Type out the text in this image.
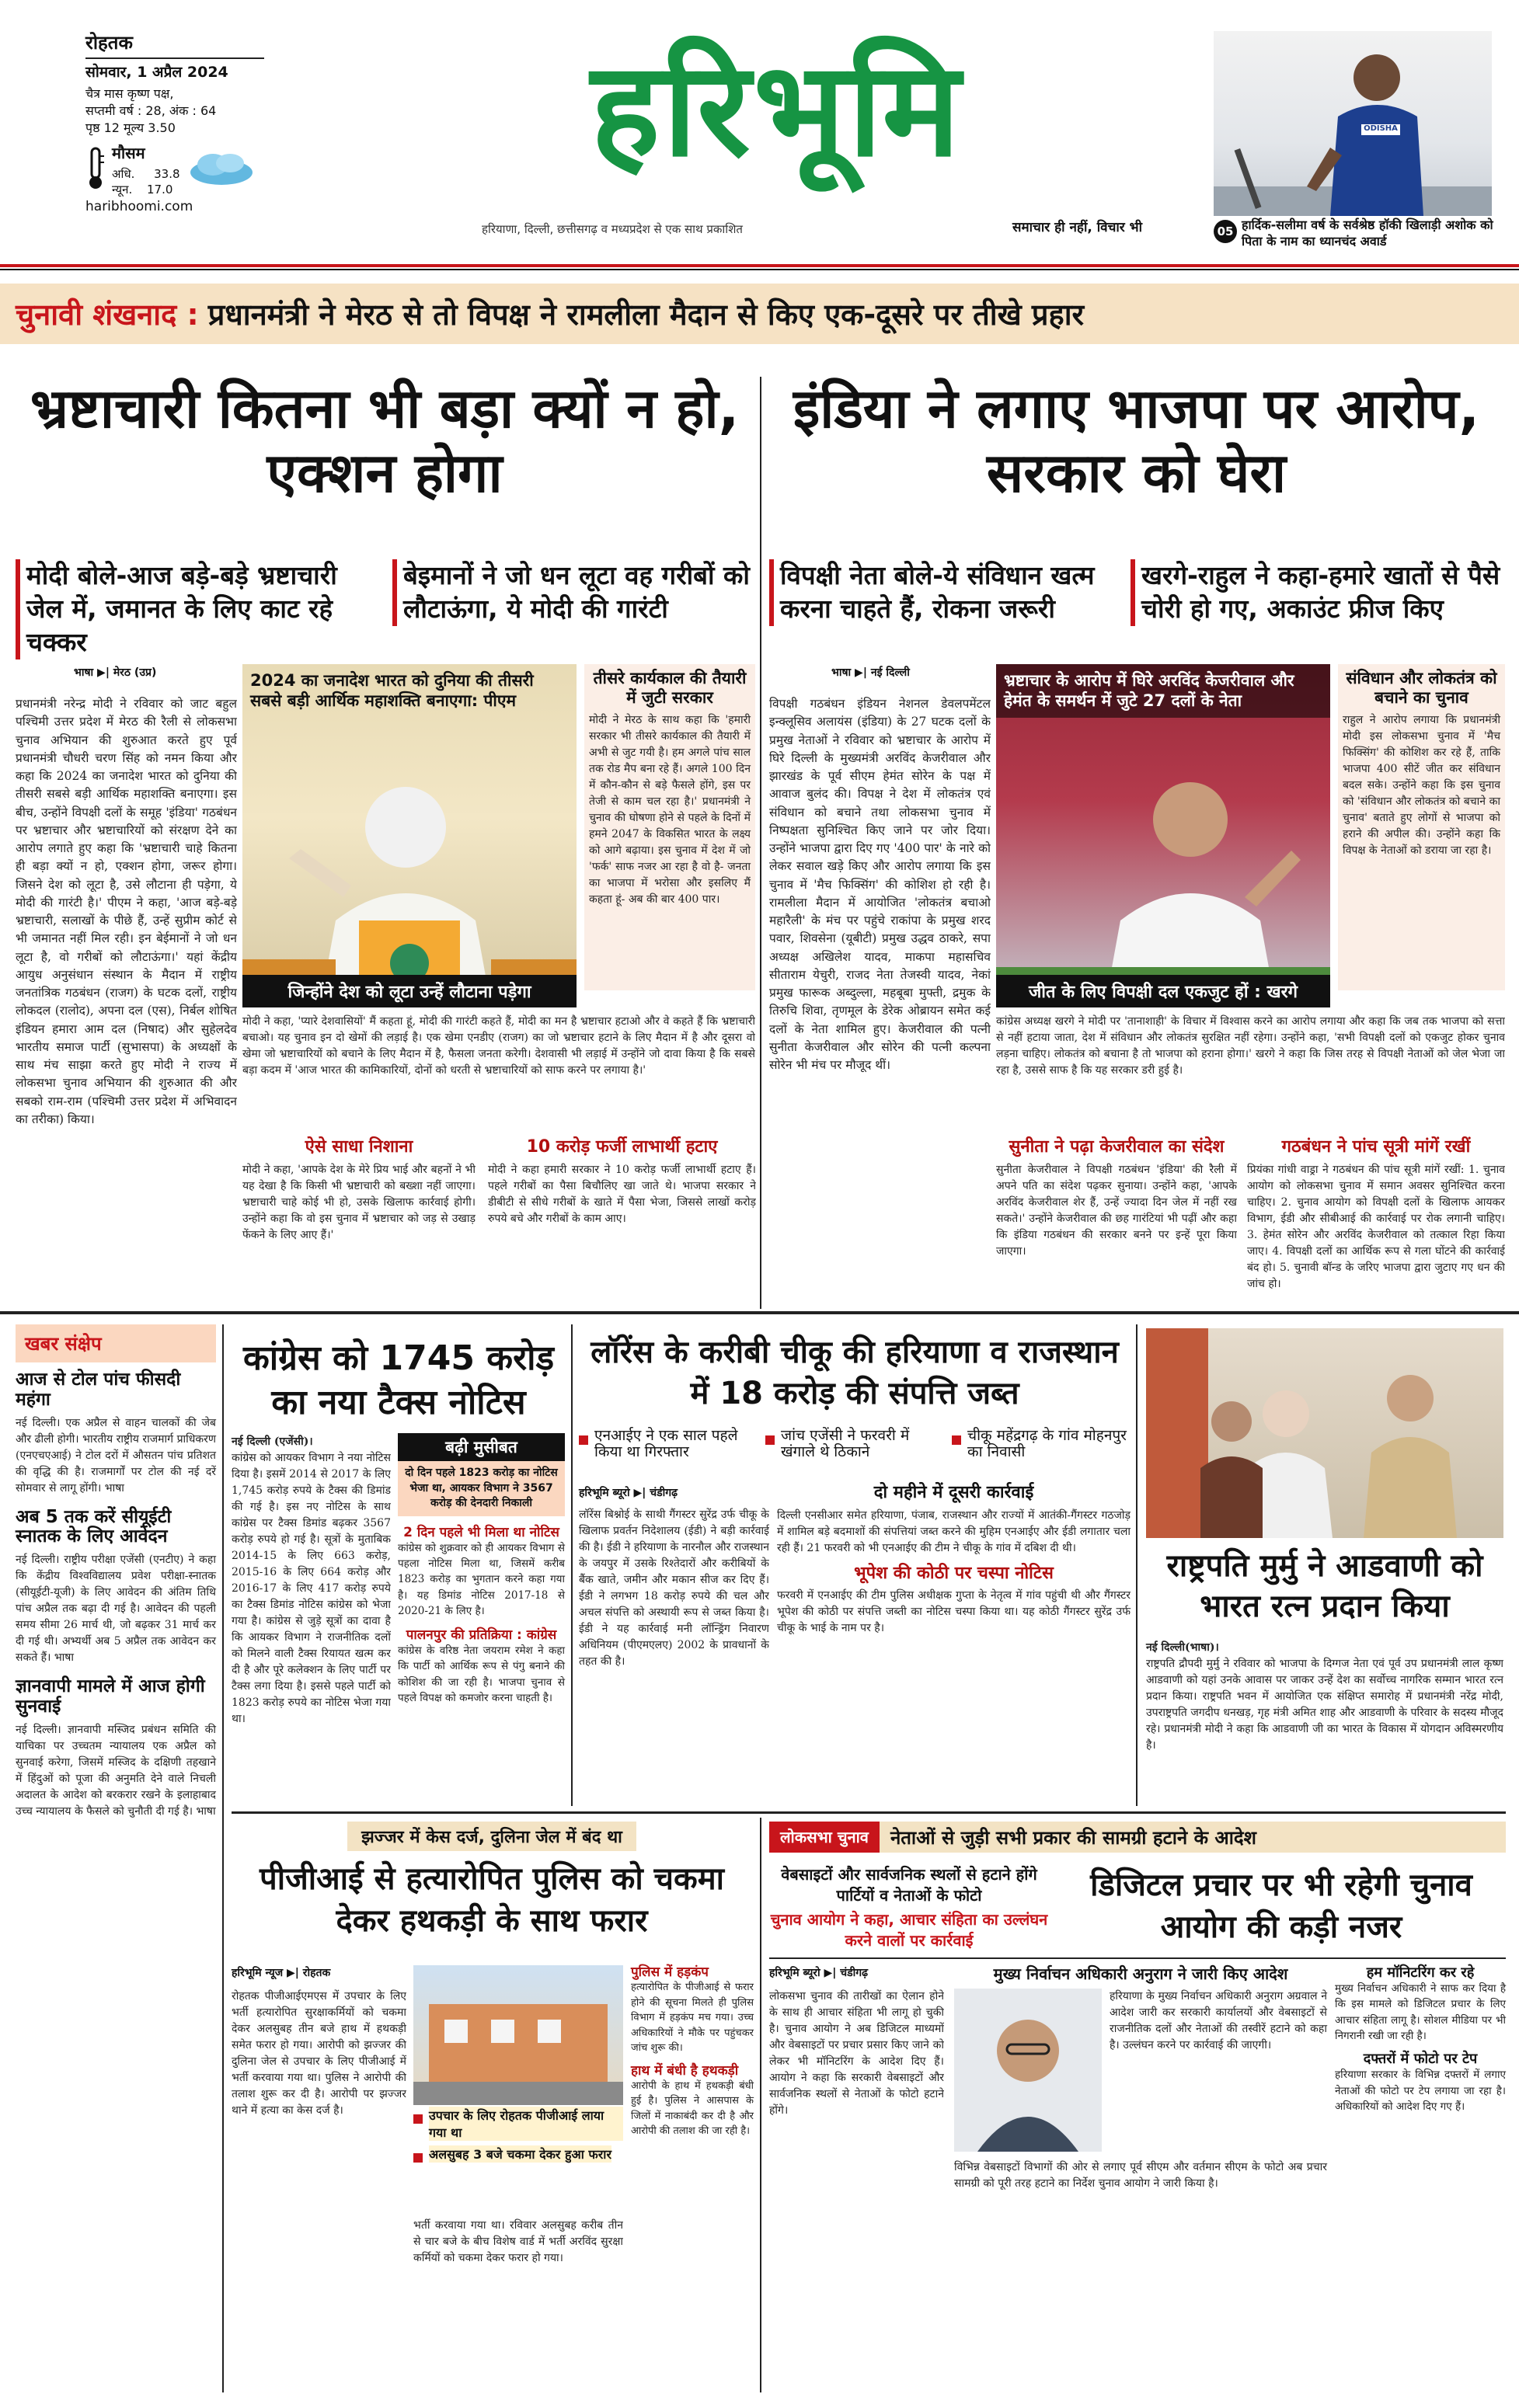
रोहतक
सोमवार, 1 अप्रैल 2024
चैत्र मास कृष्ण पक्ष,
सप्तमी वर्ष : 28, अंक : 64
पृष्ठ 12 मूल्य 3.50
मौसम
अधि. 33.8
न्यून. 17.0
haribhoomi.com
हरिभूमि
हरियाणा, दिल्ली, छत्तीसगढ़ व मध्यप्रदेश से एक साथ प्रकाशित	समाचार ही नहीं, विचार भी
ODISHA
05 हार्दिक-सलीमा वर्ष के सर्वश्रेष्ठ हॉकी खिलाड़ी अशोक को पिता के नाम का ध्यानचंद अवार्ड
चुनावी शंखनाद : प्रधानमंत्री ने मेरठ से तो विपक्ष ने रामलीला मैदान से किए एक-दूसरे पर तीखे प्रहार
भ्रष्टाचारी कितना भी बड़ा क्यों न हो, एक्शन होगा
मोदी बोले-आज बड़े-बड़े भ्रष्टाचारी जेल में, जमानत के लिए काट रहे चक्कर
बेइमानों ने जो धन लूटा वह गरीबों को लौटाऊंगा, ये मोदी की गारंटी
भाषा ▶| मेरठ (उप्र)
प्रधानमंत्री नरेन्द्र मोदी ने रविवार को जाट बहुल पश्चिमी उत्तर प्रदेश में मेरठ की रैली से लोकसभा चुनाव अभियान की शुरुआत करते हुए पूर्व प्रधानमंत्री चौधरी चरण सिंह को नमन किया और कहा कि 2024 का जनादेश भारत को दुनिया की तीसरी सबसे बड़ी आर्थिक महाशक्ति बनाएगा। इस बीच, उन्होंने विपक्षी दलों के समूह 'इंडिया' गठबंधन पर भ्रष्टाचार और भ्रष्टाचारियों को संरक्षण देने का आरोप लगाते हुए कहा कि 'भ्रष्टाचारी चाहे कितना ही बड़ा क्यों न हो, एक्शन होगा, जरूर होगा। जिसने देश को लूटा है, उसे लौटाना ही पड़ेगा, ये मोदी की गारंटी है।' पीएम ने कहा, 'आज बड़े-बड़े भ्रष्टाचारी, सलाखों के पीछे हैं, उन्हें सुप्रीम कोर्ट से भी जमानत नहीं मिल रही। इन बेईमानों ने जो धन लूटा है, वो गरीबों को लौटाऊंगा।' यहां केंद्रीय आयुध अनुसंधान संस्थान के मैदान में राष्ट्रीय जनतांत्रिक गठबंधन (राजग) के घटक दलों, राष्ट्रीय लोकदल (रालोद), अपना दल (एस), निर्बल शोषित इंडियन हमारा आम दल (निषाद) और सुहेलदेव भारतीय समाज पार्टी (सुभासपा) के अध्यक्षों के साथ मंच साझा करते हुए मोदी ने राज्य में लोकसभा चुनाव अभियान की शुरुआत की और सबको राम-राम (पश्चिमी उत्तर प्रदेश में अभिवादन का तरीका) किया।
2024 का जनादेश भारत को दुनिया की तीसरी सबसे बड़ी आर्थिक महाशक्ति बनाएगा: पीएम
जिन्होंने देश को लूटा उन्हें लौटाना पड़ेगा
तीसरे कार्यकाल की तैयारी में जुटी सरकार
मोदी ने मेरठ के साथ कहा कि 'हमारी सरकार भी तीसरे कार्यकाल की तैयारी में अभी से जुट गयी है। हम अगले पांच साल तक रोड मैप बना रहे हैं। अगले 100 दिन में कौन-कौन से बड़े फैसले होंगे, इस पर तेजी से काम चल रहा है।' प्रधानमंत्री ने चुनाव की घोषणा होने से पहले के दिनों में हमने 2047 के विकसित भारत के लक्ष्य को आगे बढ़ाया। इस चुनाव में देश में जो 'फर्क' साफ नजर आ रहा है वो है- जनता का भाजपा में भरोसा और इसलिए मैं कहता हूं- अब की बार 400 पार।
मोदी ने कहा, 'प्यारे देशवासियों' मैं कहता हूं, मोदी की गारंटी कहते हैं, मोदी का मन है भ्रष्टाचार हटाओ और वे कहते हैं कि भ्रष्टाचारी बचाओ। यह चुनाव इन दो खेमों की लड़ाई है। एक खेमा एनडीए (राजग) का जो भ्रष्टाचार हटाने के लिए मैदान में है और दूसरा वो खेमा जो भ्रष्टाचारियों को बचाने के लिए मैदान में है, फैसला जनता करेगी। देशवासी भी लड़ाई में उन्होंने जो दावा किया है कि सबसे बड़ा कदम में 'आज भारत की कामिकारियों, दोनों को धरती से भ्रष्टाचारियों को साफ करने पर लगाया है।'
ऐसे साधा निशाना
मोदी ने कहा, 'आपके देश के मेरे प्रिय भाई और बहनों ने भी यह देखा है कि किसी भी भ्रष्टाचारी को बख्शा नहीं जाएगा। भ्रष्टाचारी चाहे कोई भी हो, उसके खिलाफ कार्रवाई होगी। उन्होंने कहा कि वो इस चुनाव में भ्रष्टाचार को जड़ से उखाड़ फेंकने के लिए आए हैं।'
10 करोड़ फर्जी लाभार्थी हटाए
मोदी ने कहा हमारी सरकार ने 10 करोड़ फर्जी लाभार्थी हटाए हैं। पहले गरीबों का पैसा बिचौलिए खा जाते थे। भाजपा सरकार ने डीबीटी से सीधे गरीबों के खाते में पैसा भेजा, जिससे लाखों करोड़ रुपये बचे और गरीबों के काम आए।
इंडिया ने लगाए भाजपा पर आरोप, सरकार को घेरा
विपक्षी नेता बोले-ये संविधान खत्म करना चाहते हैं, रोकना जरूरी
खरगे-राहुल ने कहा-हमारे खातों से पैसे चोरी हो गए, अकाउंट फ्रीज किए
भाषा ▶| नई दिल्ली
विपक्षी गठबंधन इंडियन नेशनल डेवलपमेंटल इन्क्लूसिव अलायंस (इंडिया) के 27 घटक दलों के प्रमुख नेताओं ने रविवार को भ्रष्टाचार के आरोप में घिरे दिल्ली के मुख्यमंत्री अरविंद केजरीवाल और झारखंड के पूर्व सीएम हेमंत सोरेन के पक्ष में आवाज बुलंद की। विपक्ष ने देश में लोकतंत्र एवं संविधान को बचाने तथा लोकसभा चुनाव में निष्पक्षता सुनिश्चित किए जाने पर जोर दिया। उन्होंने भाजपा द्वारा दिए गए '400 पार' के नारे को लेकर सवाल खड़े किए और आरोप लगाया कि इस चुनाव में 'मैच फिक्सिंग' की कोशिश हो रही है। रामलीला मैदान में आयोजित 'लोकतंत्र बचाओ महारैली' के मंच पर पहुंचे राकांपा के प्रमुख शरद पवार, शिवसेना (यूबीटी) प्रमुख उद्धव ठाकरे, सपा अध्यक्ष अखिलेश यादव, माकपा महासचिव सीताराम येचुरी, राजद नेता तेजस्वी यादव, नेकां प्रमुख फारूक अब्दुल्ला, महबूबा मुफ्ती, द्रमुक के तिरुचि शिवा, तृणमूल के डेरेक ओब्रायन समेत कई दलों के नेता शामिल हुए। केजरीवाल की पत्नी सुनीता केजरीवाल और सोरेन की पत्नी कल्पना सोरेन भी मंच पर मौजूद थीं।
भ्रष्टाचार के आरोप में घिरे अरविंद केजरीवाल और हेमंत के समर्थन में जुटे 27 दलों के नेता
जीत के लिए विपक्षी दल एकजुट हों : खरगे
संविधान और लोकतंत्र को बचाने का चुनाव
राहुल ने आरोप लगाया कि प्रधानमंत्री मोदी इस लोकसभा चुनाव में 'मैच फिक्सिंग' की कोशिश कर रहे हैं, ताकि भाजपा 400 सीटें जीत कर संविधान बदल सके। उन्होंने कहा कि इस चुनाव को 'संविधान और लोकतंत्र को बचाने का चुनाव' बताते हुए लोगों से भाजपा को हराने की अपील की। उन्होंने कहा कि विपक्ष के नेताओं को डराया जा रहा है।
कांग्रेस अध्यक्ष खरगे ने मोदी पर 'तानाशाही' के विचार में विश्वास करने का आरोप लगाया और कहा कि जब तक भाजपा को सत्ता से नहीं हटाया जाता, देश में संविधान और लोकतंत्र सुरक्षित नहीं रहेगा। उन्होंने कहा, 'सभी विपक्षी दलों को एकजुट होकर चुनाव लड़ना चाहिए। लोकतंत्र को बचाना है तो भाजपा को हराना होगा।' खरगे ने कहा कि जिस तरह से विपक्षी नेताओं को जेल भेजा जा रहा है, उससे साफ है कि यह सरकार डरी हुई है।
सुनीता ने पढ़ा केजरीवाल का संदेश
सुनीता केजरीवाल ने विपक्षी गठबंधन 'इंडिया' की रैली में अपने पति का संदेश पढ़कर सुनाया। उन्होंने कहा, 'आपके अरविंद केजरीवाल शेर हैं, उन्हें ज्यादा दिन जेल में नहीं रख सकते।' उन्होंने केजरीवाल की छह गारंटियां भी पढ़ीं और कहा कि इंडिया गठबंधन की सरकार बनने पर इन्हें पूरा किया जाएगा।
गठबंधन ने पांच सूत्री मांगें रखीं
प्रियंका गांधी वाड्रा ने गठबंधन की पांच सूत्री मांगें रखीं: 1. चुनाव आयोग को लोकसभा चुनाव में समान अवसर सुनिश्चित करना चाहिए। 2. चुनाव आयोग को विपक्षी दलों के खिलाफ आयकर विभाग, ईडी और सीबीआई की कार्रवाई पर रोक लगानी चाहिए। 3. हेमंत सोरेन और अरविंद केजरीवाल को तत्काल रिहा किया जाए। 4. विपक्षी दलों का आर्थिक रूप से गला घोंटने की कार्रवाई बंद हो। 5. चुनावी बॉन्ड के जरिए भाजपा द्वारा जुटाए गए धन की जांच हो।
खबर संक्षेप
आज से टोल पांच फीसदी महंगा
नई दिल्ली। एक अप्रैल से वाहन चालकों की जेब और ढीली होगी। भारतीय राष्ट्रीय राजमार्ग प्राधिकरण (एनएचएआई) ने टोल दरों में औसतन पांच प्रतिशत की वृद्धि की है। राजमार्गों पर टोल की नई दरें सोमवार से लागू होंगी। भाषा
अब 5 तक करें सीयूईटी स्नातक के लिए आवेदन
नई दिल्ली। राष्ट्रीय परीक्षा एजेंसी (एनटीए) ने कहा कि केंद्रीय विश्वविद्यालय प्रवेश परीक्षा-स्नातक (सीयूईटी-यूजी) के लिए आवेदन की अंतिम तिथि पांच अप्रैल तक बढ़ा दी गई है। आवेदन की पहली समय सीमा 26 मार्च थी, जो बढ़कर 31 मार्च कर दी गई थी। अभ्यर्थी अब 5 अप्रैल तक आवेदन कर सकते हैं। भाषा
ज्ञानवापी मामले में आज होगी सुनवाई
नई दिल्ली। ज्ञानवापी मस्जिद प्रबंधन समिति की याचिका पर उच्चतम न्यायालय एक अप्रैल को सुनवाई करेगा, जिसमें मस्जिद के दक्षिणी तहखाने में हिंदुओं को पूजा की अनुमति देने वाले निचली अदालत के आदेश को बरकरार रखने के इलाहाबाद उच्च न्यायालय के फैसले को चुनौती दी गई है। भाषा
कांग्रेस को 1745 करोड़ का नया टैक्स नोटिस
नई दिल्ली (एजेंसी)।
कांग्रेस को आयकर विभाग ने नया नोटिस दिया है। इसमें 2014 से 2017 के लिए 1,745 करोड़ रुपये के टैक्स की डिमांड की गई है। इस नए नोटिस के साथ कांग्रेस पर टैक्स डिमांड बढ़कर 3567 करोड़ रुपये हो गई है। सूत्रों के मुताबिक 2014-15 के लिए 663 करोड़, 2015-16 के लिए 664 करोड़ और 2016-17 के लिए 417 करोड़ रुपये का टैक्स डिमांड नोटिस कांग्रेस को भेजा गया है। कांग्रेस से जुड़े सूत्रों का दावा है कि आयकर विभाग ने राजनीतिक दलों को मिलने वाली टैक्स रियायत खत्म कर दी है और पूरे कलेक्शन के लिए पार्टी पर टैक्स लगा दिया है। इससे पहले पार्टी को 1823 करोड़ रुपये का नोटिस भेजा गया था।
बढ़ी मुसीबत
दो दिन पहले 1823 करोड़ का नोटिस भेजा था, आयकर विभाग ने 3567 करोड़ की देनदारी निकाली
2 दिन पहले भी मिला था नोटिस
कांग्रेस को शुक्रवार को ही आयकर विभाग से पहला नोटिस मिला था, जिसमें करीब 1823 करोड़ का भुगतान करने कहा गया है। यह डिमांड नोटिस 2017-18 से 2020-21 के लिए है।
पालनपुर की प्रतिक्रिया : कांग्रेस
कांग्रेस के वरिष्ठ नेता जयराम रमेश ने कहा कि पार्टी को आर्थिक रूप से पंगु बनाने की कोशिश की जा रही है। भाजपा चुनाव से पहले विपक्ष को कमजोर करना चाहती है।
लॉरेंस के करीबी चीकू की हरियाणा व राजस्थान में 18 करोड़ की संपत्ति जब्त
एनआईए ने एक साल पहले किया था गिरफ्तार
जांच एजेंसी ने फरवरी में खंगाले थे ठिकाने
चीकू महेंद्रगढ़ के गांव मोहनपुर का निवासी
हरिभूमि ब्यूरो ▶| चंडीगढ़
लॉरेंस बिश्नोई के साथी गैंगस्टर सुरेंद्र उर्फ चीकू के खिलाफ प्रवर्तन निदेशालय (ईडी) ने बड़ी कार्रवाई की है। ईडी ने हरियाणा के नारनौल और राजस्थान के जयपुर में उसके रिश्तेदारों और करीबियों के बैंक खाते, जमीन और मकान सीज कर दिए हैं। ईडी ने लगभग 18 करोड़ रुपये की चल और अचल संपत्ति को अस्थायी रूप से जब्त किया है। ईडी ने यह कार्रवाई मनी लॉन्ड्रिंग निवारण अधिनियम (पीएमएलए) 2002 के प्रावधानों के तहत की है।
दो महीने में दूसरी कार्रवाई
दिल्ली एनसीआर समेत हरियाणा, पंजाब, राजस्थान और राज्यों में आतंकी-गैंगस्टर गठजोड़ में शामिल बड़े बदमाशों की संपत्तियां जब्त करने की मुहिम एनआईए और ईडी लगातार चला रही हैं। 21 फरवरी को भी एनआईए की टीम ने चीकू के गांव में दबिश दी थी।
भूपेश की कोठी पर चस्पा नोटिस
फरवरी में एनआईए की टीम पुलिस अधीक्षक गुप्ता के नेतृत्व में गांव पहुंची थी और गैंगस्टर भूपेश की कोठी पर संपत्ति जब्ती का नोटिस चस्पा किया था। यह कोठी गैंगस्टर सुरेंद्र उर्फ चीकू के भाई के नाम पर है।
राष्ट्रपति मुर्मु ने आडवाणी को भारत रत्न प्रदान किया
नई दिल्ली(भाषा)।
राष्ट्रपति द्रौपदी मुर्मु ने रविवार को भाजपा के दिग्गज नेता एवं पूर्व उप प्रधानमंत्री लाल कृष्ण आडवाणी को यहां उनके आवास पर जाकर उन्हें देश का सर्वोच्च नागरिक सम्मान भारत रत्न प्रदान किया। राष्ट्रपति भवन में आयोजित एक संक्षिप्त समारोह में प्रधानमंत्री नरेंद्र मोदी, उपराष्ट्रपति जगदीप धनखड़, गृह मंत्री अमित शाह और आडवाणी के परिवार के सदस्य मौजूद रहे। प्रधानमंत्री मोदी ने कहा कि आडवाणी जी का भारत के विकास में योगदान अविस्मरणीय है।
झज्जर में केस दर्ज, दुलिना जेल में बंद था
पीजीआई से हत्यारोपित पुलिस को चकमा देकर हथकड़ी के साथ फरार
हरिभूमि न्यूज ▶| रोहतक
रोहतक पीजीआईएमएस में उपचार के लिए भर्ती हत्यारोपित सुरक्षाकर्मियों को चकमा देकर अलसुबह तीन बजे हाथ में हथकड़ी समेत फरार हो गया। आरोपी को झज्जर की दुलिना जेल से उपचार के लिए पीजीआई में भर्ती करवाया गया था। पुलिस ने आरोपी की तलाश शुरू कर दी है। आरोपी पर झज्जर थाने में हत्या का केस दर्ज है।	उपचार के लिए रोहतक पीजीआई लाया गया था
अलसुबह 3 बजे चकमा देकर हुआ फरार
भर्ती करवाया गया था। रविवार अलसुबह करीब तीन से चार बजे के बीच विशेष वार्ड में भर्ती अरविंद सुरक्षा कर्मियों को चकमा देकर फरार हो गया।
पुलिस में हड़कंप
हत्यारोपित के पीजीआई से फरार होने की सूचना मिलते ही पुलिस विभाग में हड़कंप मच गया। उच्च अधिकारियों ने मौके पर पहुंचकर जांच शुरू की।
हाथ में बंधी है हथकड़ी
आरोपी के हाथ में हथकड़ी बंधी हुई है। पुलिस ने आसपास के जिलों में नाकाबंदी कर दी है और आरोपी की तलाश की जा रही है।
लोकसभा चुनाव	नेताओं से जुड़ी सभी प्रकार की सामग्री हटाने के आदेश
वेबसाइटों और सार्वजनिक स्थलों से हटाने होंगे पार्टियों व नेताओं के फोटो
चुनाव आयोग ने कहा, आचार संहिता का उल्लंघन करने वालों पर कार्रवाई
डिजिटल प्रचार पर भी रहेगी चुनाव आयोग की कड़ी नजर
हरिभूमि ब्यूरो ▶| चंडीगढ़
लोकसभा चुनाव की तारीखों का ऐलान होने के साथ ही आचार संहिता भी लागू हो चुकी है। चुनाव आयोग ने अब डिजिटल माध्यमों और वेबसाइटों पर प्रचार प्रसार किए जाने को लेकर भी मॉनिटरिंग के आदेश दिए हैं। आयोग ने कहा कि सरकारी वेबसाइटों और सार्वजनिक स्थलों से नेताओं के फोटो हटाने होंगे।
मुख्य निर्वाचन अधिकारी अनुराग ने जारी किए आदेश
हरियाणा के मुख्य निर्वाचन अधिकारी अनुराग अग्रवाल ने आदेश जारी कर सरकारी कार्यालयों और वेबसाइटों से राजनीतिक दलों और नेताओं की तस्वीरें हटाने को कहा है। उल्लंघन करने पर कार्रवाई की जाएगी।
विभिन्न वेबसाइटों विभागों की ओर से लगाए पूर्व सीएम और वर्तमान सीएम के फोटो अब प्रचार सामग्री को पूरी तरह हटाने का निर्देश चुनाव आयोग ने जारी किया है।
हम मॉनिटरिंग कर रहे
मुख्य निर्वाचन अधिकारी ने साफ कर दिया है कि इस मामले को डिजिटल प्रचार के लिए आचार संहिता लागू है। सोशल मीडिया पर भी निगरानी रखी जा रही है।
दफ्तरों में फोटो पर टेप
हरियाणा सरकार के विभिन्न दफ्तरों में लगाए नेताओं की फोटो पर टेप लगाया जा रहा है। अधिकारियों को आदेश दिए गए हैं।
